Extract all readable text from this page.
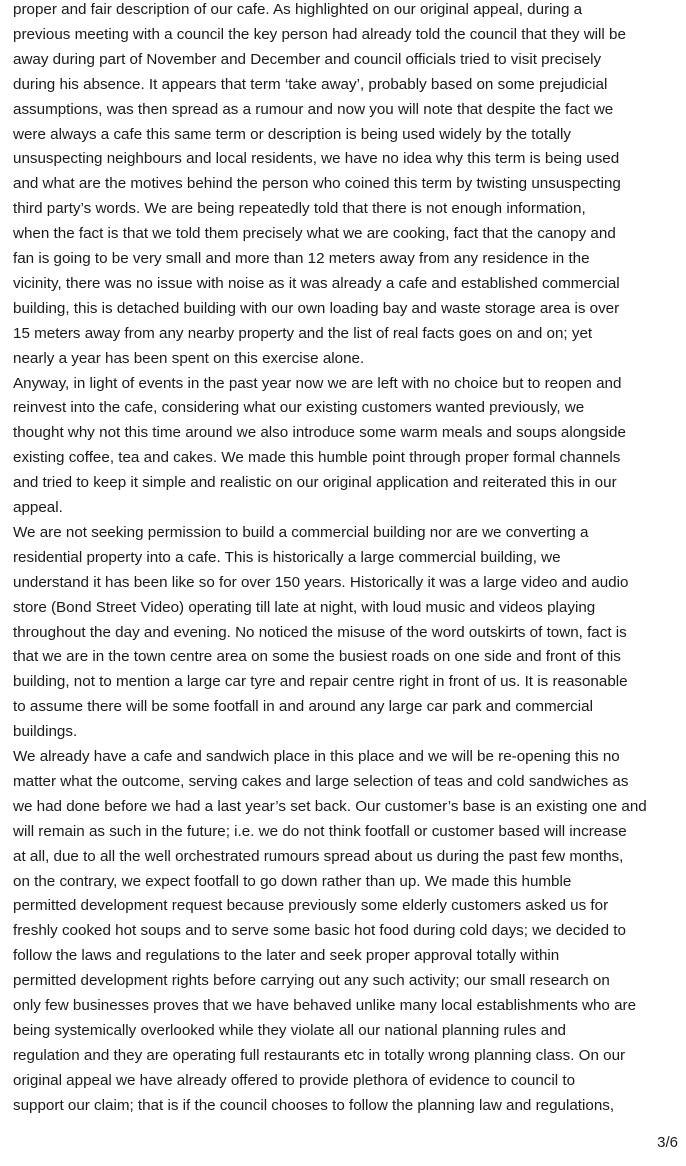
proper and fair description of our cafe. As highlighted on our original appeal, during a
previous meeting with a council the key person had already told the council that they will be
away during part of November and December and council officials tried to visit precisely
during his absence. It appears that term ‘take away’, probably based on some prejudicial
assumptions, was then spread as a rumour and now you will note that despite the fact we
were always a cafe this same term or description is being used widely by the totally
unsuspecting neighbours and local residents, we have no idea why this term is being used
and what are the motives behind the person who coined this term by twisting unsuspecting
third party’s words. We are being repeatedly told that there is not enough information,
when the fact is that we told them precisely what we are cooking, fact that the canopy and
fan is going to be very small and more than 12 meters away from any residence in the
vicinity, there was no issue with noise as it was already a cafe and established commercial
building, this is detached building with our own loading bay and waste storage area is over
15 meters away from any nearby property and the list of real facts goes on and on; yet
nearly a year has been spent on this exercise alone.
Anyway, in light of events in the past year now we are left with no choice but to reopen and
reinvest into the cafe, considering what our existing customers wanted previously, we
thought why not this time around we also introduce some warm meals and soups alongside
existing coffee, tea and cakes. We made this humble point through proper formal channels
and tried to keep it simple and realistic on our original application and reiterated this in our
appeal.
We are not seeking permission to build a commercial building nor are we converting a
residential property into a cafe. This is historically a large commercial building, we
understand it has been like so for over 150 years. Historically it was a large video and audio
store (Bond Street Video) operating till late at night, with loud music and videos playing
throughout the day and evening. No noticed the misuse of the word outskirts of town, fact is
that we are in the town centre area on some the busiest roads on one side and front of this
building, not to mention a large car tyre and repair centre right in front of us. It is reasonable
to assume there will be some footfall in and around any large car park and commercial
buildings.
We already have a cafe and sandwich place in this place and we will be re-opening this no
matter what the outcome, serving cakes and large selection of teas and cold sandwiches as
we had done before we had a last year’s set back. Our customer’s base is an existing one and
will remain as such in the future; i.e. we do not think footfall or customer based will increase
at all, due to all the well orchestrated rumours spread about us during the past few months,
on the contrary, we expect footfall to go down rather than up. We made this humble
permitted development request because previously some elderly customers asked us for
freshly cooked hot soups and to serve some basic hot food during cold days; we decided to
follow the laws and regulations to the later and seek proper approval totally within
permitted development rights before carrying out any such activity; our small research on
only few businesses proves that we have behaved unlike many local establishments who are
being systemically overlooked while they violate all our national planning rules and
regulation and they are operating full restaurants etc in totally wrong planning class. On our
original appeal we have already offered to provide plethora of evidence to council to
support our claim; that is if the council chooses to follow the planning law and regulations,
3/6
